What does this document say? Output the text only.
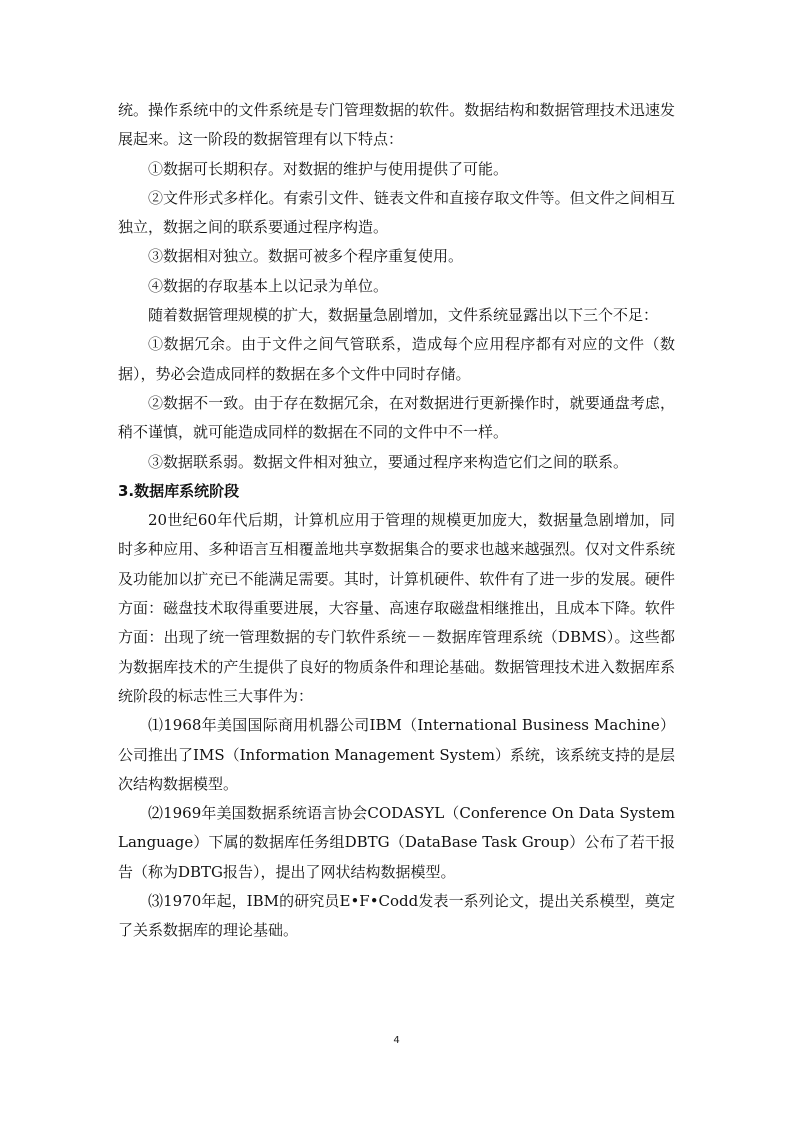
统。操作系统中的文件系统是专门管理数据的软件。数据结构和数据管理技术迅速发展起来。这一阶段的数据管理有以下特点：

①数据可长期积存。对数据的维护与使用提供了可能。

②文件形式多样化。有索引文件、链表文件和直接存取文件等。但文件之间相互独立，数据之间的联系要通过程序构造。

③数据相对独立。数据可被多个程序重复使用。

④数据的存取基本上以记录为单位。

随着数据管理规模的扩大，数据量急剧增加，文件系统显露出以下三个不足：

①数据冗余。由于文件之间气管联系，造成每个应用程序都有对应的文件（数据），势必会造成同样的数据在多个文件中同时存储。

②数据不一致。由于存在数据冗余，在对数据进行更新操作时，就要通盘考虑，稍不谨慎，就可能造成同样的数据在不同的文件中不一样。

③数据联系弱。数据文件相对独立，要通过程序来构造它们之间的联系。

3.数据库系统阶段

20世纪60年代后期，计算机应用于管理的规模更加庞大，数据量急剧增加，同时多种应用、多种语言互相覆盖地共享数据集合的要求也越来越强烈。仅对文件系统及功能加以扩充已不能满足需要。其时，计算机硬件、软件有了进一步的发展。硬件方面：磁盘技术取得重要进展，大容量、高速存取磁盘相继推出，且成本下降。软件方面：出现了统一管理数据的专门软件系统－－数据库管理系统（DBMS）。这些都为数据库技术的产生提供了良好的物质条件和理论基础。数据管理技术进入数据库系统阶段的标志性三大事件为：

⑴1968年美国国际商用机器公司IBM（International Business Machine）公司推出了IMS（Information Management System）系统，该系统支持的是层次结构数据模型。

⑵1969年美国数据系统语言协会CODASYL（Conference On Data System Language）下属的数据库任务组DBTG（DataBase Task Group）公布了若干报告（称为DBTG报告），提出了网状结构数据模型。

⑶1970年起，IBM的研究员E•F•Codd发表一系列论文，提出关系模型，奠定了关系数据库的理论基础。

4
